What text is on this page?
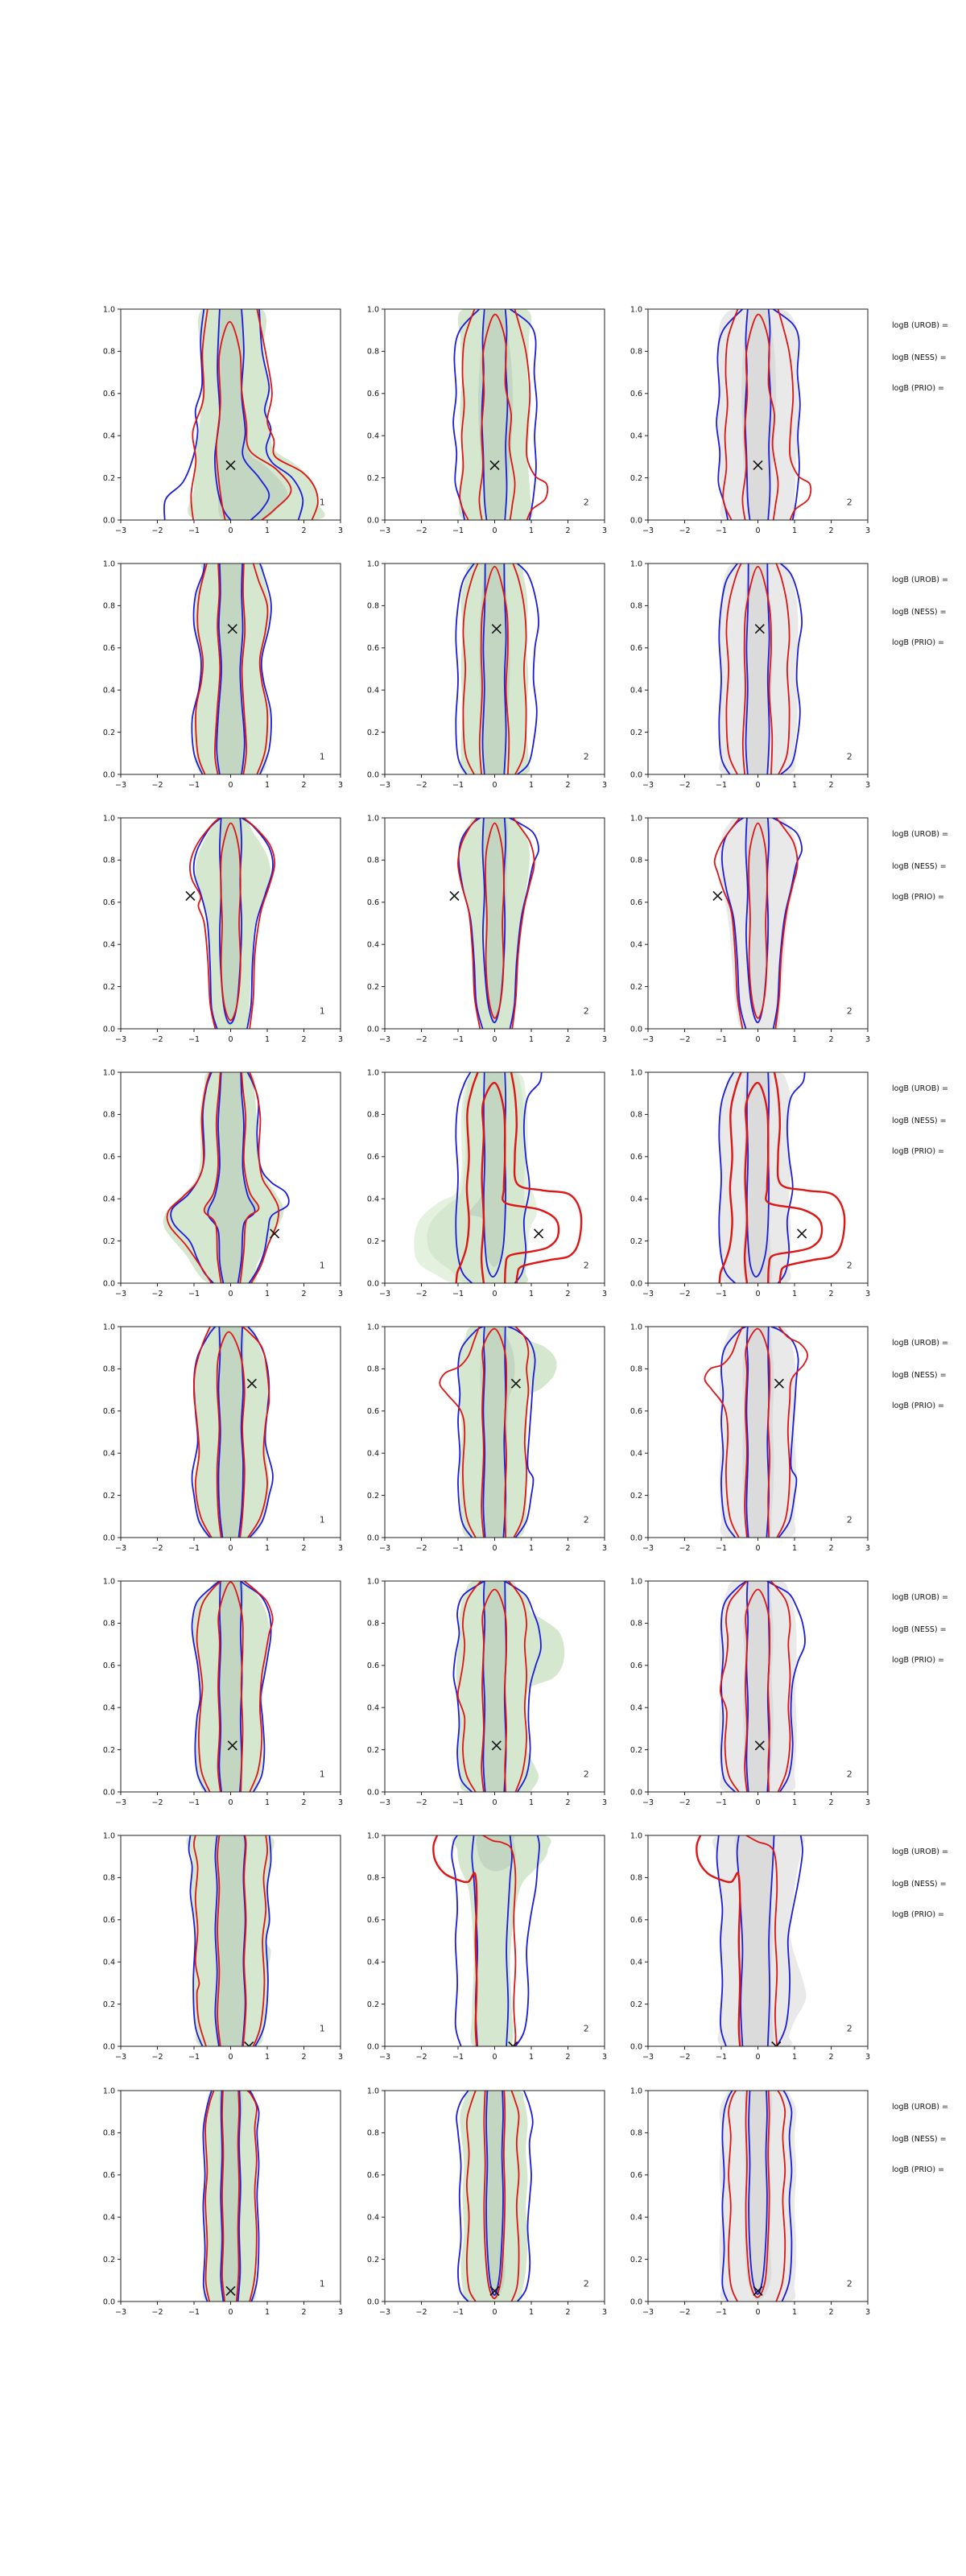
1
−3	−2	−1	0	1	2	3
0.0
0.2
0.4
0.6
0.8
1.0
2
−3	−2	−1	0	1	2	3
0.0
0.2
0.4
0.6
0.8
1.0
2
−3	−2	−1	0	1	2	3
0.0
0.2
0.4
0.6
0.8
1.0
logB (UROB) =
logB (NESS) =
logB (PRIO) =
1
−3	−2	−1	0	1	2	3
0.0
0.2
0.4
0.6
0.8
1.0
2
−3	−2	−1	0	1	2	3
0.0
0.2
0.4
0.6
0.8
1.0
2
−3	−2	−1	0	1	2	3
0.0
0.2
0.4
0.6
0.8
1.0
logB (UROB) =
logB (NESS) =
logB (PRIO) =
1
−3	−2	−1	0	1	2	3
0.0
0.2
0.4
0.6
0.8
1.0
2
−3	−2	−1	0	1	2	3
0.0
0.2
0.4
0.6
0.8
1.0
2
−3	−2	−1	0	1	2	3
0.0
0.2
0.4
0.6
0.8
1.0
logB (UROB) =
logB (NESS) =
logB (PRIO) =
1
−3	−2	−1	0	1	2	3
0.0
0.2
0.4
0.6
0.8
1.0
2
−3	−2	−1	0	1	2	3
0.0
0.2
0.4
0.6
0.8
1.0
2
−3	−2	−1	0	1	2	3
0.0
0.2
0.4
0.6
0.8
1.0
logB (UROB) =
logB (NESS) =
logB (PRIO) =
1
−3	−2	−1	0	1	2	3
0.0
0.2
0.4
0.6
0.8
1.0
2
−3	−2	−1	0	1	2	3
0.0
0.2
0.4
0.6
0.8
1.0
2
−3	−2	−1	0	1	2	3
0.0
0.2
0.4
0.6
0.8
1.0
logB (UROB) =
logB (NESS) =
logB (PRIO) =
1
−3	−2	−1	0	1	2	3
0.0
0.2
0.4
0.6
0.8
1.0
2
−3	−2	−1	0	1	2	3
0.0
0.2
0.4
0.6
0.8
1.0
2
−3	−2	−1	0	1	2	3
0.0
0.2
0.4
0.6
0.8
1.0
logB (UROB) =
logB (NESS) =
logB (PRIO) =
1
−3	−2	−1	0	1	2	3
0.0
0.2
0.4
0.6
0.8
1.0
2
−3	−2	−1	0	1	2	3
0.0
0.2
0.4
0.6
0.8
1.0
2
−3	−2	−1	0	1	2	3
0.0
0.2
0.4
0.6
0.8
1.0
logB (UROB) =
logB (NESS) =
logB (PRIO) =
1
−3	−2	−1	0	1	2	3
0.0
0.2
0.4
0.6
0.8
1.0
2
−3	−2	−1	0	1	2	3
0.0
0.2
0.4
0.6
0.8
1.0
2
−3	−2	−1	0	1	2	3
0.0
0.2
0.4
0.6
0.8
1.0
logB (UROB) =
logB (NESS) =
logB (PRIO) =
